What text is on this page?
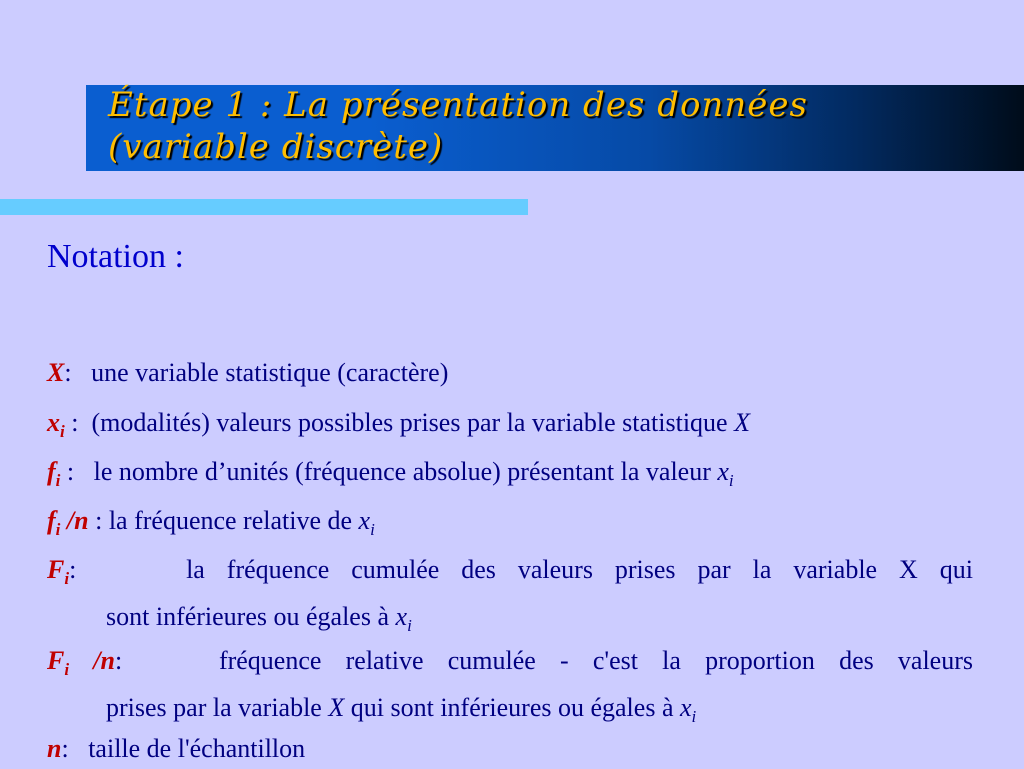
Étape 1 : La présentation des données
(variable discrète)
Notation :
X: une variable statistique (caractère)
$x_i$ : (modalités) valeurs possibles prises par la variable statistique X
$f_i$ : le nombre d’unités (fréquence absolue) présentant la valeur $x_i$
$f_i$ /n : la fréquence relative de $x_i$
$F_i$:	la fréquence cumulée des valeurs prises par la variable X qui
sont inférieures ou égales à $x_i$
$F_i$ /n:	fréquence relative cumulée - c'est la proportion des valeurs
prises par la variable X qui sont inférieures ou égales à $x_i$
n: taille de l'échantillon
